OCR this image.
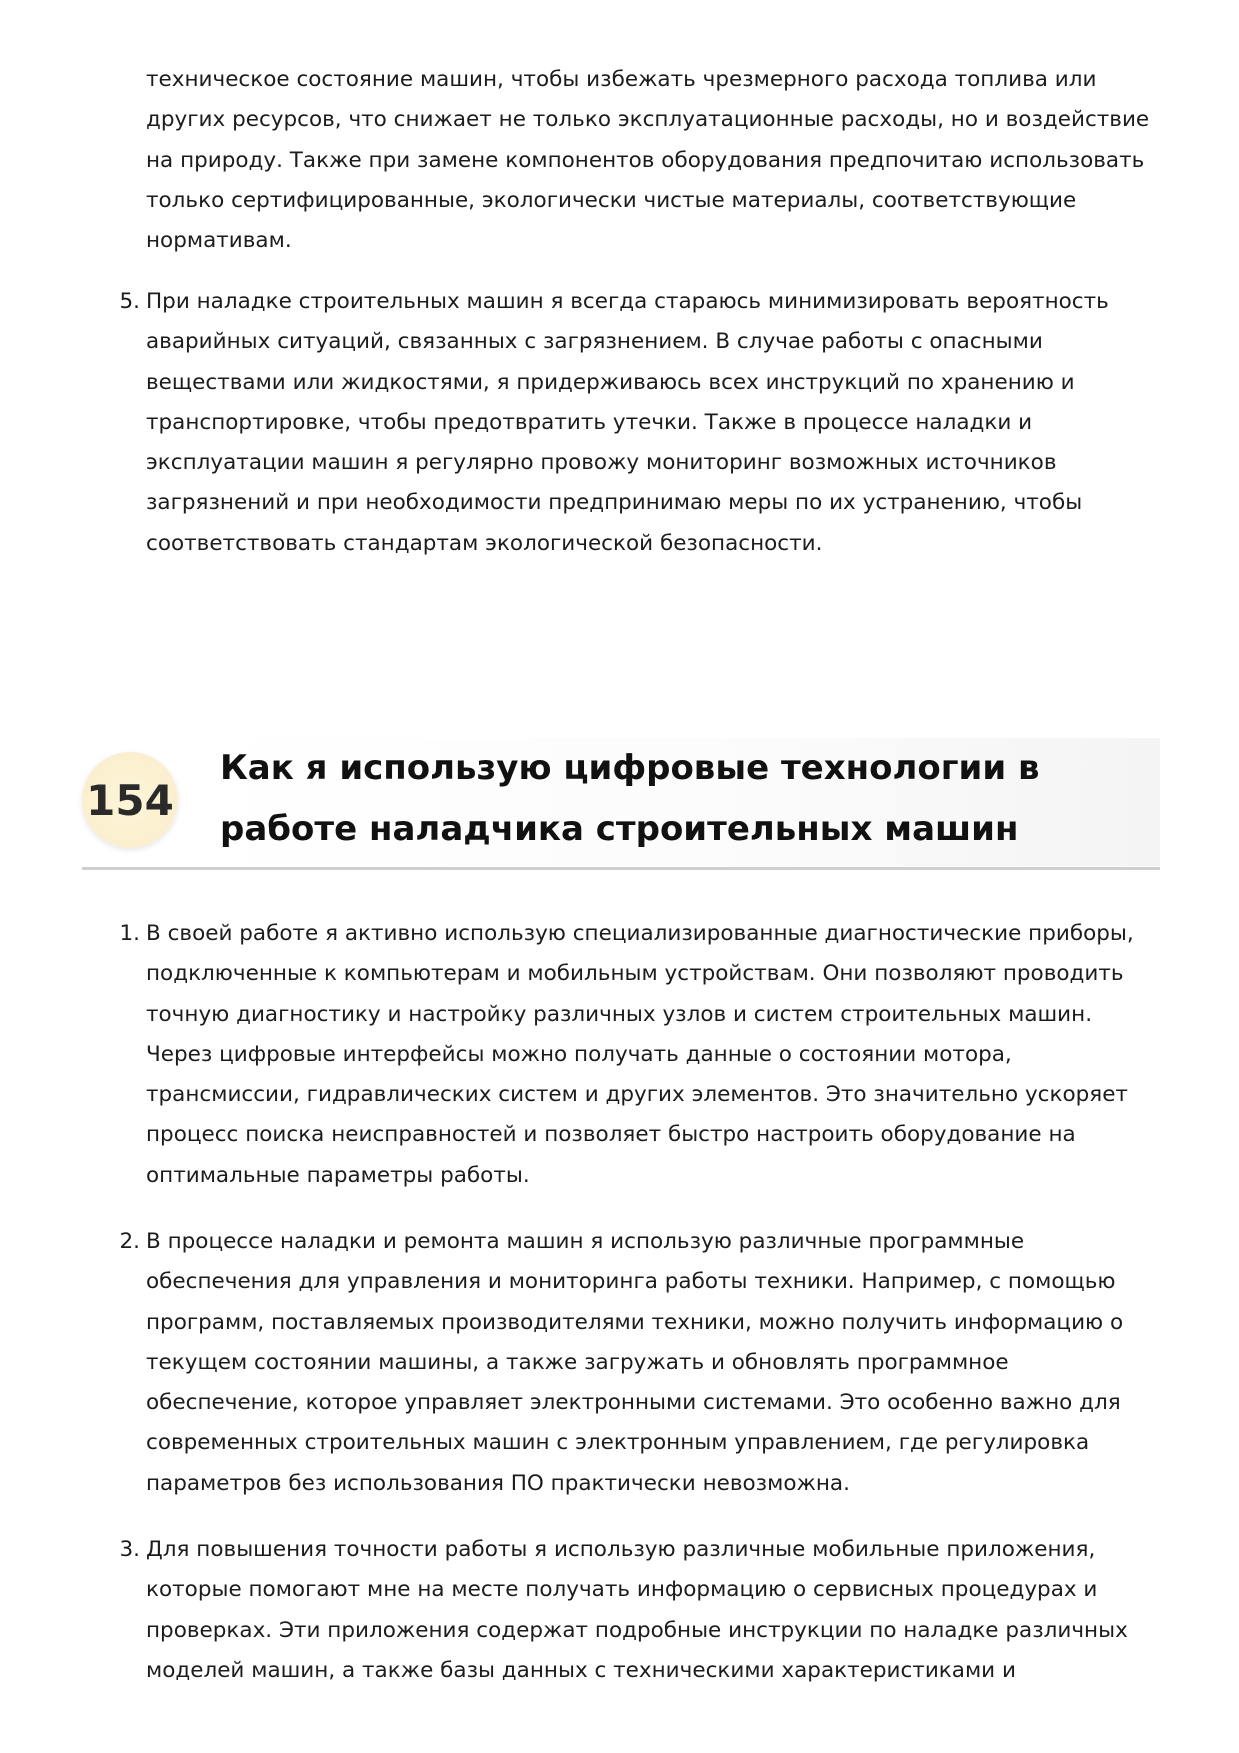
техническое состояние машин, чтобы избежать чрезмерного расхода топлива или других ресурсов, что снижает не только эксплуатационные расходы, но и воздействие на природу. Также при замене компонентов оборудования предпочитаю использовать только сертифицированные, экологически чистые материалы, соответствующие нормативам.

5. При наладке строительных машин я всегда стараюсь минимизировать вероятность аварийных ситуаций, связанных с загрязнением. В случае работы с опасными веществами или жидкостями, я придерживаюсь всех инструкций по хранению и транспортировке, чтобы предотвратить утечки. Также в процессе наладки и эксплуатации машин я регулярно провожу мониторинг возможных источников загрязнений и при необходимости предпринимаю меры по их устранению, чтобы соответствовать стандартам экологической безопасности.
154
Как я использую цифровые технологии в работе наладчика строительных машин
1. В своей работе я активно использую специализированные диагностические приборы, подключенные к компьютерам и мобильным устройствам. Они позволяют проводить точную диагностику и настройку различных узлов и систем строительных машин. Через цифровые интерфейсы можно получать данные о состоянии мотора, трансмиссии, гидравлических систем и других элементов. Это значительно ускоряет процесс поиска неисправностей и позволяет быстро настроить оборудование на оптимальные параметры работы.
2. В процессе наладки и ремонта машин я использую различные программные обеспечения для управления и мониторинга работы техники. Например, с помощью программ, поставляемых производителями техники, можно получить информацию о текущем состоянии машины, а также загружать и обновлять программное обеспечение, которое управляет электронными системами. Это особенно важно для современных строительных машин с электронным управлением, где регулировка параметров без использования ПО практически невозможна.
3. Для повышения точности работы я использую различные мобильные приложения, которые помогают мне на месте получать информацию о сервисных процедурах и проверках. Эти приложения содержат подробные инструкции по наладке различных моделей машин, а также базы данных с техническими характеристиками и
